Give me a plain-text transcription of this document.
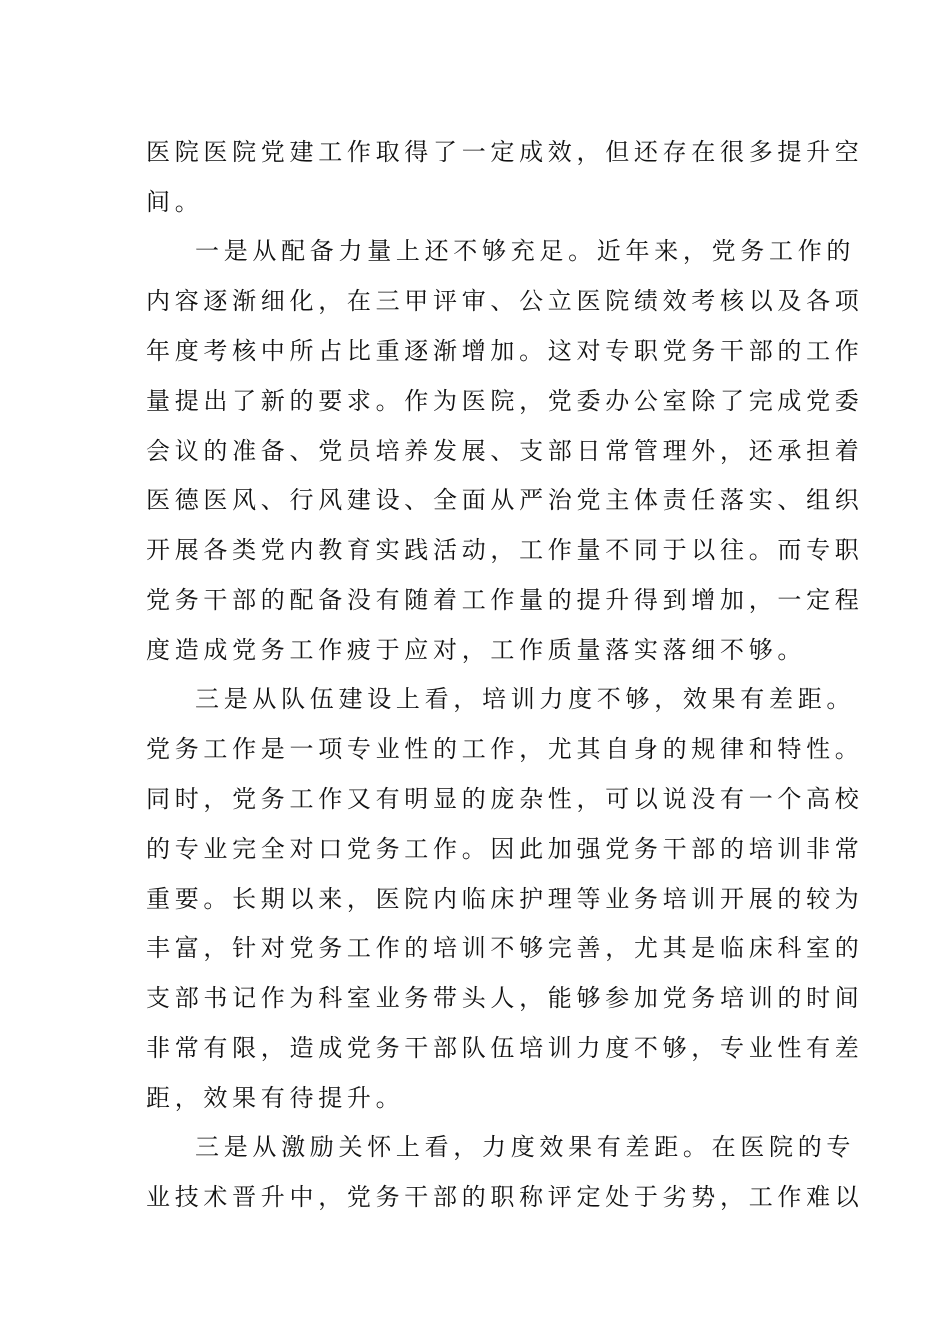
医院医院党建工作取得了一定成效，但还存在很多提升空
间。
一是从配备力量上还不够充足。近年来，党务工作的
内容逐渐细化，在三甲评审、公立医院绩效考核以及各项
年度考核中所占比重逐渐增加。这对专职党务干部的工作
量提出了新的要求。作为医院，党委办公室除了完成党委
会议的准备、党员培养发展、支部日常管理外，还承担着
医德医风、行风建设、全面从严治党主体责任落实、组织
开展各类党内教育实践活动，工作量不同于以往。而专职
党务干部的配备没有随着工作量的提升得到增加，一定程
度造成党务工作疲于应对，工作质量落实落细不够。
三是从队伍建设上看，培训力度不够，效果有差距。
党务工作是一项专业性的工作，尤其自身的规律和特性。
同时，党务工作又有明显的庞杂性，可以说没有一个高校
的专业完全对口党务工作。因此加强党务干部的培训非常
重要。长期以来，医院内临床护理等业务培训开展的较为
丰富，针对党务工作的培训不够完善，尤其是临床科室的
支部书记作为科室业务带头人，能够参加党务培训的时间
非常有限，造成党务干部队伍培训力度不够，专业性有差
距，效果有待提升。
三是从激励关怀上看，力度效果有差距。在医院的专
业技术晋升中，党务干部的职称评定处于劣势，工作难以
